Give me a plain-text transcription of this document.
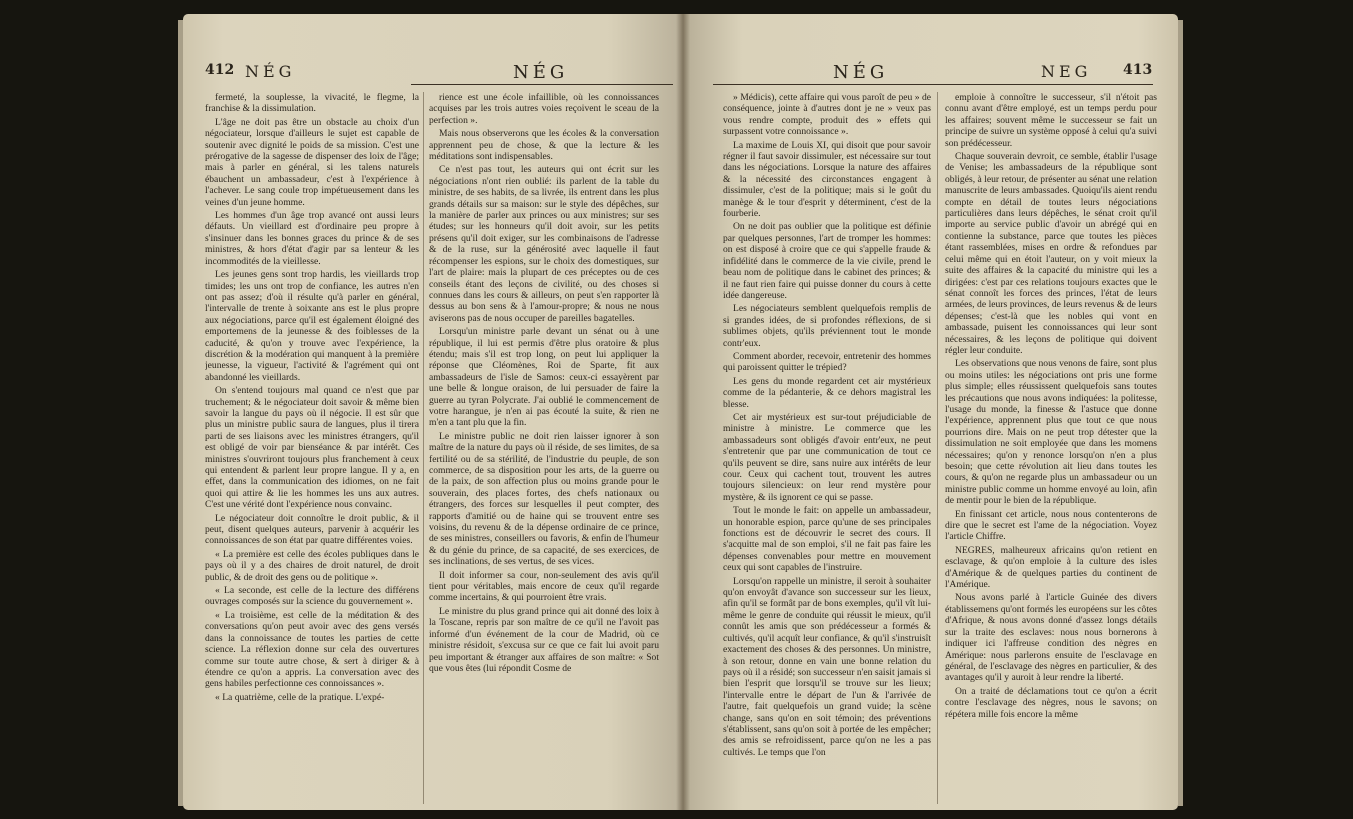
412 NÉG	NÉG

fermeté, la souplesse, la vivacité, le flegme, la franchise & la dissimulation.

L'âge ne doit pas être un obstacle au choix d'un négociateur, lorsque d'ailleurs le sujet est capable de soutenir avec dignité le poids de sa mission. C'est une prérogative de la sagesse de dispenser des loix de l'âge; mais à parler en général, si les talens naturels ébauchent un ambassadeur, c'est à l'expérience à l'achever. Le sang coule trop impétueusement dans les veines d'un jeune homme.

Les hommes d'un âge trop avancé ont aussi leurs défauts. Un vieillard est d'ordinaire peu propre à s'insinuer dans les bonnes graces du prince & de ses ministres, & hors d'état d'agir par sa lenteur & les incommodités de la vieillesse.

Les jeunes gens sont trop hardis, les vieillards trop timides; les uns ont trop de confiance, les autres n'en ont pas assez; d'où il résulte qu'à parler en général, l'intervalle de trente à soixante ans est le plus propre aux négociations, parce qu'il est également éloigné des emportemens de la jeunesse & des foiblesses de la caducité, & qu'on y trouve avec l'expérience, la discrétion & la modération qui manquent à la première jeunesse, la vigueur, l'activité & l'agrément qui ont abandonné les vieillards.

On s'entend toujours mal quand ce n'est que par truchement; & le négociateur doit savoir & même bien savoir la langue du pays où il négocie. Il est sûr que plus un ministre public saura de langues, plus il tirera parti de ses liaisons avec les ministres étrangers, qu'il est obligé de voir par bienséance & par intérêt. Ces ministres s'ouvriront toujours plus franchement à ceux qui entendent & parlent leur propre langue. Il y a, en effet, dans la communication des idiomes, on ne fait quoi qui attire & lie les hommes les uns aux autres. C'est une vérité dont l'expérience nous convainc.

Le négociateur doit connoître le droit public, & il peut, disent quelques auteurs, parvenir à acquérir les connoissances de son état par quatre différentes voies.

« La première est celle des écoles publiques dans le pays où il y a des chaires de droit naturel, de droit public, & de droit des gens ou de politique ».

« La seconde, est celle de la lecture des différens ouvrages composés sur la science du gouvernement ».

« La troisième, est celle de la méditation & des conversations qu'on peut avoir avec des gens versés dans la connoissance de toutes les parties de cette science. La réflexion donne sur cela des ouvertures comme sur toute autre chose, & sert à diriger & à étendre ce qu'on a appris. La conversation avec des gens habiles perfectionne ces connoissances ».

« La quatrième, celle de la pratique. L'expé-

rience est une école infaillible, où les connoissances acquises par les trois autres voies reçoivent le sceau de la perfection ».

Mais nous observerons que les écoles & la conversation apprennent peu de chose, & que la lecture & les méditations sont indispensables.

Ce n'est pas tout, les auteurs qui ont écrit sur les négociations n'ont rien oublié: ils parlent de la table du ministre, de ses habits, de sa livrée, ils entrent dans les plus grands détails sur sa maison: sur le style des dépêches, sur la manière de parler aux princes ou aux ministres; sur ses études; sur les honneurs qu'il doit avoir, sur les petits présens qu'il doit exiger, sur les combinaisons de l'adresse & de la ruse, sur la générosité avec laquelle il faut récompenser les espions, sur le choix des domestiques, sur l'art de plaire: mais la plupart de ces préceptes ou de ces conseils étant des leçons de civilité, ou des choses si connues dans les cours & ailleurs, on peut s'en rapporter là dessus au bon sens & à l'amour-propre; & nous ne nous aviserons pas de nous occuper de pareilles bagatelles.

Lorsqu'un ministre parle devant un sénat ou à une république, il lui est permis d'être plus oratoire & plus étendu; mais s'il est trop long, on peut lui appliquer la réponse que Cléomènes, Roi de Sparte, fit aux ambassadeurs de l'isle de Samos: ceux-ci essayèrent par une belle & longue oraison, de lui persuader de faire la guerre au tyran Polycrate. J'ai oublié le commencement de votre harangue, je n'en ai pas écouté la suite, & rien ne m'en a tant plu que la fin.

Le ministre public ne doit rien laisser ignorer à son maître de la nature du pays où il réside, de ses limites, de sa fertilité ou de sa stérilité, de l'industrie du peuple, de son commerce, de sa disposition pour les arts, de la guerre ou de la paix, de son affection plus ou moins grande pour le souverain, des places fortes, des chefs nationaux ou étrangers, des forces sur lesquelles il peut compter, des rapports d'amitié ou de haine qui se trouvent entre ses voisins, du revenu & de la dépense ordinaire de ce prince, de ses ministres, conseillers ou favoris, & enfin de l'humeur & du génie du prince, de sa capacité, de ses exercices, de ses inclinations, de ses vertus, de ses vices.

Il doit informer sa cour, non-seulement des avis qu'il tient pour véritables, mais encore de ceux qu'il regarde comme incertains, & qui pourroient être vrais.

Le ministre du plus grand prince qui ait donné des loix à la Toscane, repris par son maître de ce qu'il ne l'avoit pas informé d'un événement de la cour de Madrid, où ce ministre résidoit, s'excusa sur ce que ce fait lui avoit paru peu important & étranger aux affaires de son maître: « Sot que vous êtes (lui répondit Cosme de

NÉG	NEG 413

» Médicis), cette affaire qui vous paroît de peu » de conséquence, jointe à d'autres dont je ne » veux pas vous rendre compte, produit des » effets qui surpassent votre connoissance ».

La maxime de Louis XI, qui disoit que pour savoir régner il faut savoir dissimuler, est nécessaire sur tout dans les négociations. Lorsque la nature des affaires & la nécessité des circonstances engagent à dissimuler, c'est de la politique; mais si le goût du manège & le tour d'esprit y déterminent, c'est de la fourberie.

On ne doit pas oublier que la politique est définie par quelques personnes, l'art de tromper les hommes: on est disposé à croire que ce qui s'appelle fraude & infidélité dans le commerce de la vie civile, prend le beau nom de politique dans le cabinet des princes; & il ne faut rien faire qui puisse donner du cours à cette idée dangereuse.

Les négociateurs semblent quelquefois remplis de si grandes idées, de si profondes réflexions, de si sublimes objets, qu'ils préviennent tout le monde contr'eux.

Comment aborder, recevoir, entretenir des hommes qui paroissent quitter le trépied?

Les gens du monde regardent cet air mystérieux comme de la pédanterie, & ce dehors magistral les blesse.

Cet air mystérieux est sur-tout préjudiciable de ministre à ministre. Le commerce que les ambassadeurs sont obligés d'avoir entr'eux, ne peut s'entretenir que par une communication de tout ce qu'ils peuvent se dire, sans nuire aux intérêts de leur cour. Ceux qui cachent tout, trouvent les autres toujours silencieux: on leur rend mystère pour mystère, & ils ignorent ce qui se passe.

Tout le monde le fait: on appelle un ambassadeur, un honorable espion, parce qu'une de ses principales fonctions est de découvrir le secret des cours. Il s'acquitte mal de son emploi, s'il ne fait pas faire les dépenses convenables pour mettre en mouvement ceux qui sont capables de l'instruire.

Lorsqu'on rappelle un ministre, il seroit à souhaiter qu'on envoyât d'avance son successeur sur les lieux, afin qu'il se formât par de bons exemples, qu'il vît lui-même le genre de conduite qui réussit le mieux, qu'il connût les amis que son prédécesseur a formés & cultivés, qu'il acquît leur confiance, & qu'il s'instruisît exactement des choses & des personnes. Un ministre, à son retour, donne en vain une bonne relation du pays où il a résidé; son successeur n'en saisit jamais si bien l'esprit que lorsqu'il se trouve sur les lieux; l'intervalle entre le départ de l'un & l'arrivée de l'autre, fait quelquefois un grand vuide; la scène change, sans qu'on en soit témoin; des préventions s'établissent, sans qu'on soit à portée de les empêcher; des amis se refroidissent, parce qu'on ne les a pas cultivés. Le temps que l'on

emploie à connoître le successeur, s'il n'étoit pas connu avant d'être employé, est un temps perdu pour les affaires; souvent même le successeur se fait un principe de suivre un système opposé à celui qu'a suivi son prédécesseur.

Chaque souverain devroit, ce semble, établir l'usage de Venise; les ambassadeurs de la république sont obligés, à leur retour, de présenter au sénat une relation manuscrite de leurs ambassades. Quoiqu'ils aient rendu compte en détail de toutes leurs négociations particulières dans leurs dépêches, le sénat croit qu'il importe au service public d'avoir un abrégé qui en contienne la substance, parce que toutes les pièces étant rassemblées, mises en ordre & refondues par celui même qui en étoit l'auteur, on y voit mieux la suite des affaires & la capacité du ministre qui les a dirigées: c'est par ces relations toujours exactes que le sénat connoît les forces des princes, l'état de leurs armées, de leurs provinces, de leurs revenus & de leurs dépenses; c'est-là que les nobles qui vont en ambassade, puisent les connoissances qui leur sont nécessaires, & les leçons de politique qui doivent régler leur conduite.

Les observations que nous venons de faire, sont plus ou moins utiles: les négociations ont pris une forme plus simple; elles réussissent quelquefois sans toutes les précautions que nous avons indiquées: la politesse, l'usage du monde, la finesse & l'astuce que donne l'expérience, apprennent plus que tout ce que nous pourrions dire. Mais on ne peut trop détester que la dissimulation ne soit employée que dans les momens nécessaires; qu'on y renonce lorsqu'on n'en a plus besoin; que cette révolution ait lieu dans toutes les cours, & qu'on ne regarde plus un ambassadeur ou un ministre public comme un homme envoyé au loin, afin de mentir pour le bien de la république.

En finissant cet article, nous nous contenterons de dire que le secret est l'ame de la négociation. Voyez l'article Chiffre.

NEGRES, malheureux africains qu'on retient en esclavage, & qu'on emploie à la culture des isles d'Amérique & de quelques parties du continent de l'Amérique.

Nous avons parlé à l'article Guinée des divers établissemens qu'ont formés les européens sur les côtes d'Afrique, & nous avons donné d'assez longs détails sur la traite des esclaves: nous nous bornerons à indiquer ici l'affreuse condition des nègres en Amérique: nous parlerons ensuite de l'esclavage en général, de l'esclavage des nègres en particulier, & des avantages qu'il y auroit à leur rendre la liberté.

On a traité de déclamations tout ce qu'on a écrit contre l'esclavage des nègres, nous le savons; on répétera mille fois encore la même
